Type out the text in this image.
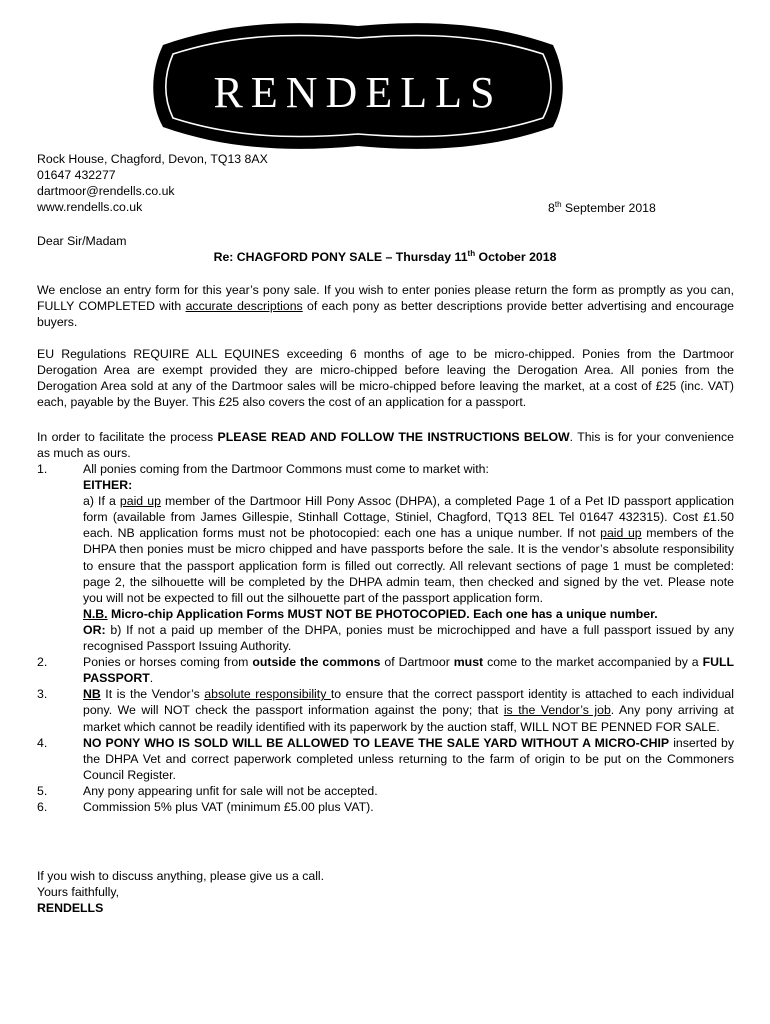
RENDELLS
Rock House, Chagford, Devon, TQ13 8AX
01647 432277
dartmoor@rendells.co.uk
www.rendells.co.uk	8th September 2018
Dear Sir/Madam
Re: CHAGFORD PONY SALE – Thursday 11th October 2018
We enclose an entry form for this year’s pony sale. If you wish to enter ponies please return the form as promptly as you can, FULLY COMPLETED with accurate descriptions of each pony as better descriptions provide better advertising and encourage buyers.
EU Regulations REQUIRE ALL EQUINES exceeding 6 months of age to be micro-chipped. Ponies from the Dartmoor Derogation Area are exempt provided they are micro-chipped before leaving the Derogation Area. All ponies from the Derogation Area sold at any of the Dartmoor sales will be micro-chipped before leaving the market, at a cost of £25 (inc. VAT) each, payable by the Buyer. This £25 also covers the cost of an application for a passport.
In order to facilitate the process PLEASE READ AND FOLLOW THE INSTRUCTIONS BELOW. This is for your convenience as much as ours.
1.	All ponies coming from the Dartmoor Commons must come to market with:
EITHER:
a) If a paid up member of the Dartmoor Hill Pony Assoc (DHPA), a completed Page 1 of a Pet ID passport application form (available from James Gillespie, Stinhall Cottage, Stiniel, Chagford, TQ13 8EL Tel 01647 432315). Cost £1.50 each. NB application forms must not be photocopied: each one has a unique number. If not paid up members of the DHPA then ponies must be micro chipped and have passports before the sale. It is the vendor’s absolute responsibility to ensure that the passport application form is filled out correctly. All relevant sections of page 1 must be completed: page 2, the silhouette will be completed by the DHPA admin team, then checked and signed by the vet. Please note you will not be expected to fill out the silhouette part of the passport application form.
N.B. Micro-chip Application Forms MUST NOT BE PHOTOCOPIED. Each one has a unique number.
OR: b) If not a paid up member of the DHPA, ponies must be microchipped and have a full passport issued by any recognised Passport Issuing Authority.
2.	Ponies or horses coming from outside the commons of Dartmoor must come to the market accompanied by a FULL PASSPORT.
3.	NB It is the Vendor’s absolute responsibility to ensure that the correct passport identity is attached to each individual pony. We will NOT check the passport information against the pony; that is the Vendor’s job. Any pony arriving at market which cannot be readily identified with its paperwork by the auction staff, WILL NOT BE PENNED FOR SALE.
4.	NO PONY WHO IS SOLD WILL BE ALLOWED TO LEAVE THE SALE YARD WITHOUT A MICRO-CHIP inserted by the DHPA Vet and correct paperwork completed unless returning to the farm of origin to be put on the Commoners Council Register.
5.	Any pony appearing unfit for sale will not be accepted.
6.	Commission 5% plus VAT (minimum £5.00 plus VAT).
If you wish to discuss anything, please give us a call.
Yours faithfully,
RENDELLS
